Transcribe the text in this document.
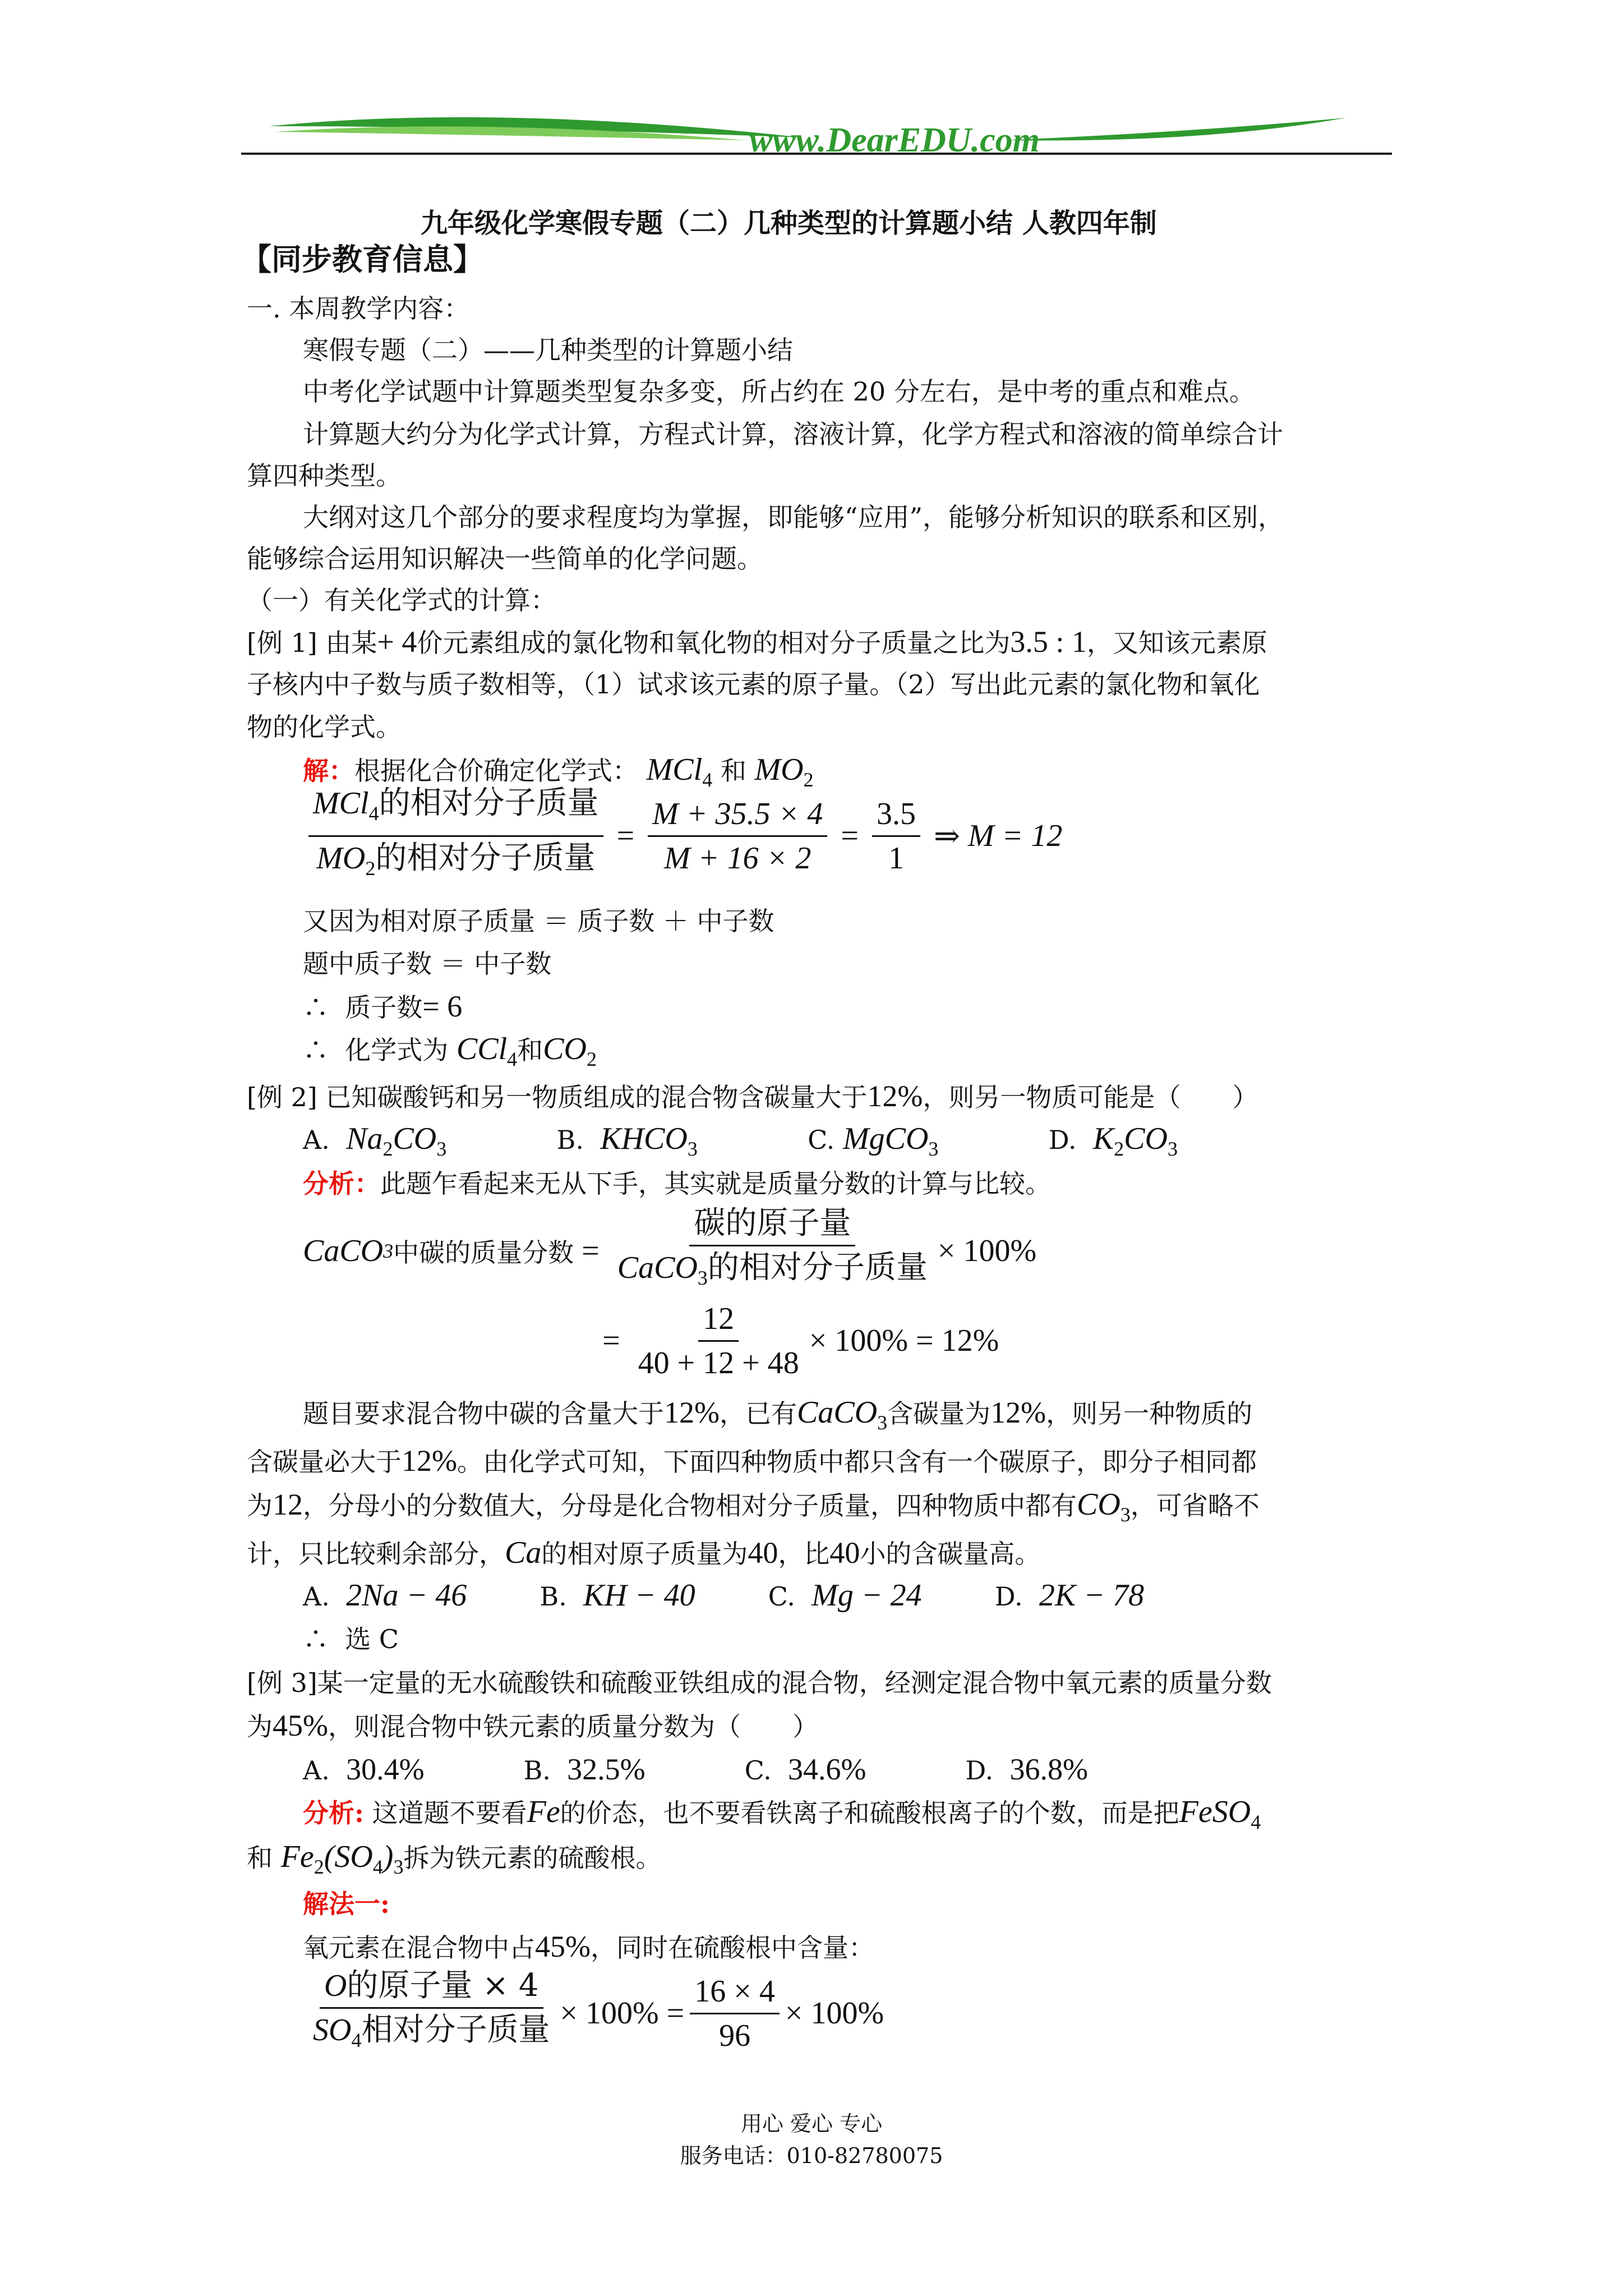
www.DearEDU.com
九年级化学寒假专题（二）几种类型的计算题小结 人教四年制
【同步教育信息】
一. 本周教学内容：
寒假专题（二）——几种类型的计算题小结
中考化学试题中计算题类型复杂多变，所占约在 20 分左右，是中考的重点和难点。
计算题大约分为化学式计算，方程式计算，溶液计算，化学方程式和溶液的简单综合计
算四种类型。
大纲对这几个部分的要求程度均为掌握，即能够“应用”，能够分析知识的联系和区别，
能够综合运用知识解决一些简单的化学问题。
（一）有关化学式的计算：
[例 1] 由某+ 4价元素组成的氯化物和氧化物的相对分子质量之比为3.5 : 1，又知该元素原
子核内中子数与质子数相等，（1）试求该元素的原子量。（2）写出此元素的氯化物和氧化
物的化学式。
解：根据化合价确定化学式： MCl$_4$ 和 $MO_2$
$\frac{MCl_4的相对分子质量}{MO_2的相对分子质量} = \frac{M + 35.5 \times 4}{M + 16 \times 2} = \frac{3.5}{1}$ ⇒ M = 12
又因为相对原子质量 ＝ 质子数 ＋ 中子数
题中质子数 ＝ 中子数
∴ 质子数= 6
∴ 化学式为 CCl$_4$和$CO_2$
[例 2] 已知碳酸钙和另一物质组成的混合物含碳量大于12%，则另一物质可能是（　　）
A. $Na_2CO_3$	B. $KHCO_3$	C. MgCO$_3$	D. $K_2CO_3$
分析：此题乍看起来无从下手，其实就是质量分数的计算与比较。
CaCO 3 中碳的质量分数 = $\frac{\text{碳的原子量}}{CaCO_3的相对分子质量} \times 100\%$
= $\frac{12}{40 + 12 + 48} \times 100\% = 12\%$
题目要求混合物中碳的含量大于12%，已有CaCO$_3$含碳量为12%，则另一种物质的
含碳量必大于12%。由化学式可知，下面四种物质中都只含有一个碳原子，即分子相同都
为12，分母小的分数值大，分母是化合物相对分子质量，四种物质中都有$CO_3$，可省略不
计，只比较剩余部分，Ca的相对原子质量为40，比40小的含碳量高。
A. 2Na − 46	B. KH − 40	C. Mg − 24	D. 2K − 78
∴ 选 C
[例 3]某一定量的无水硫酸铁和硫酸亚铁组成的混合物，经测定混合物中氧元素的质量分数
为45%，则混合物中铁元素的质量分数为（　　）
A. 30.4%	B. 32.5%	C. 34.6%	D. 36.8%
分析: 这道题不要看Fe的价态，也不要看铁离子和硫酸根离子的个数，而是把FeSO$_4$
和 $Fe_2(SO_4)_3$拆为铁元素的硫酸根。
解法一:
氧元素在混合物中占45%，同时在硫酸根中含量：
$\frac{\text{O的原子量 × 4}}{SO_4相对分子质量} \times 100\% = \frac{16 \times 4}{96} \times 100\%$
用心 爱心 专心
服务电话：010-82780075
